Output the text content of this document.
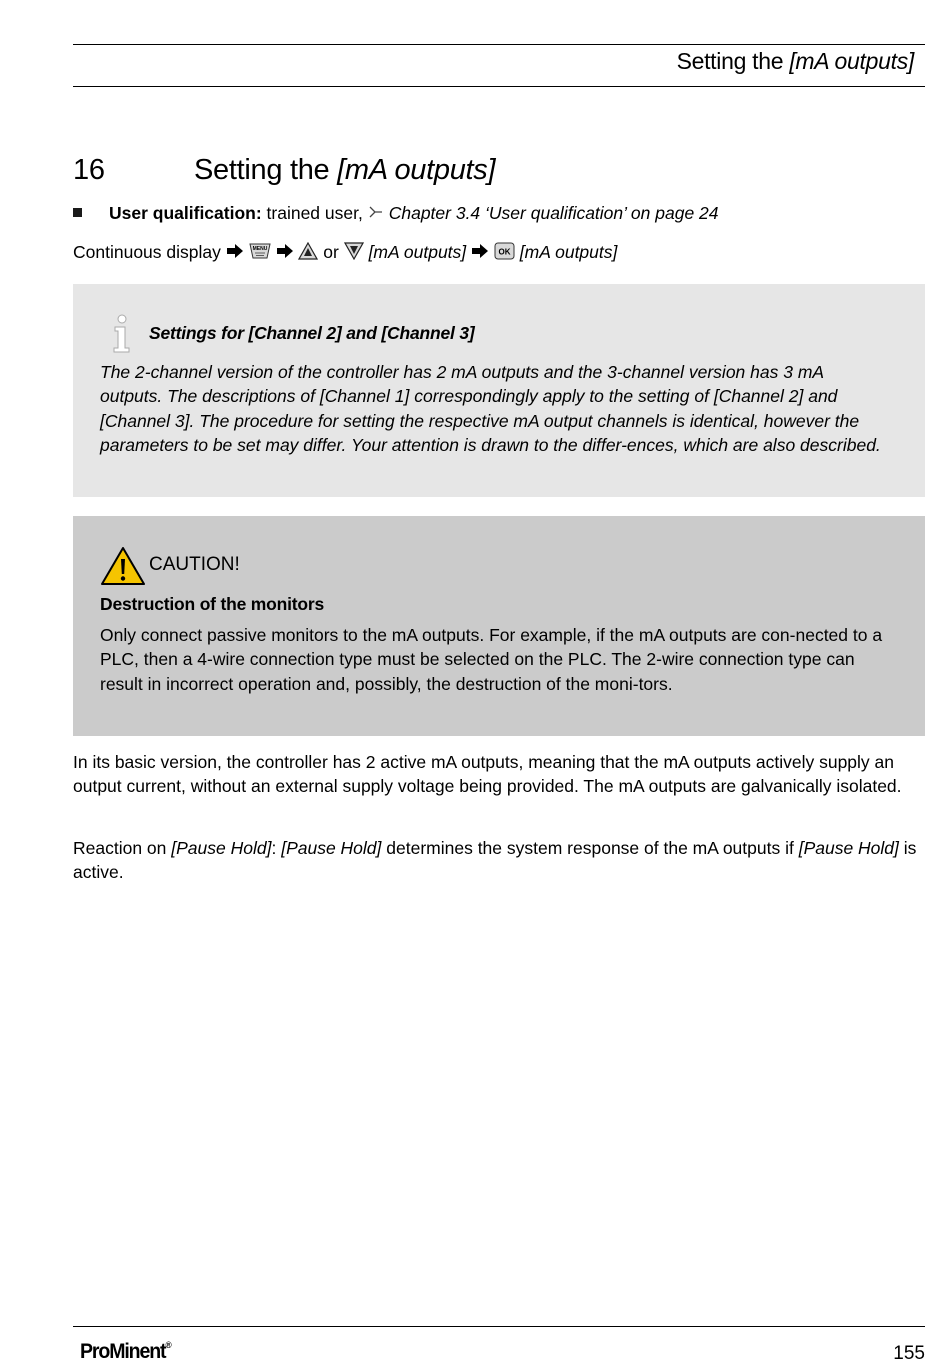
Setting the [mA outputs]
16	Setting the [mA outputs]
User qualification: trained user, Chapter 3.4 ‘User qualification’ on page 24
Continuous display	MENU	or [mA outputs]	OK [mA outputs]
Settings for [Channel 2] and [Channel 3]
The 2-channel version of the controller has 2 mA outputs and the 3-channel version has 3 mA outputs. The descriptions of [Channel 1] correspondingly apply to the setting of [Channel 2] and [Channel 3]. The procedure for setting the respective mA output channels is identical, however the parameters to be set may differ. Your attention is drawn to the differ-ences, which are also described.
CAUTION!
Destruction of the monitors
Only connect passive monitors to the mA outputs. For example, if the mA outputs are con-nected to a PLC, then a 4-wire connection type must be selected on the PLC. The 2-wire connection type can result in incorrect operation and, possibly, the destruction of the moni-tors.
In its basic version, the controller has 2 active mA outputs, meaning that the mA outputs actively supply an output current, without an external supply voltage being provided. The mA outputs are galvanically isolated.
Reaction on [Pause Hold]: [Pause Hold] determines the system response of the mA outputs if [Pause Hold] is active.
ProMinent®	155
